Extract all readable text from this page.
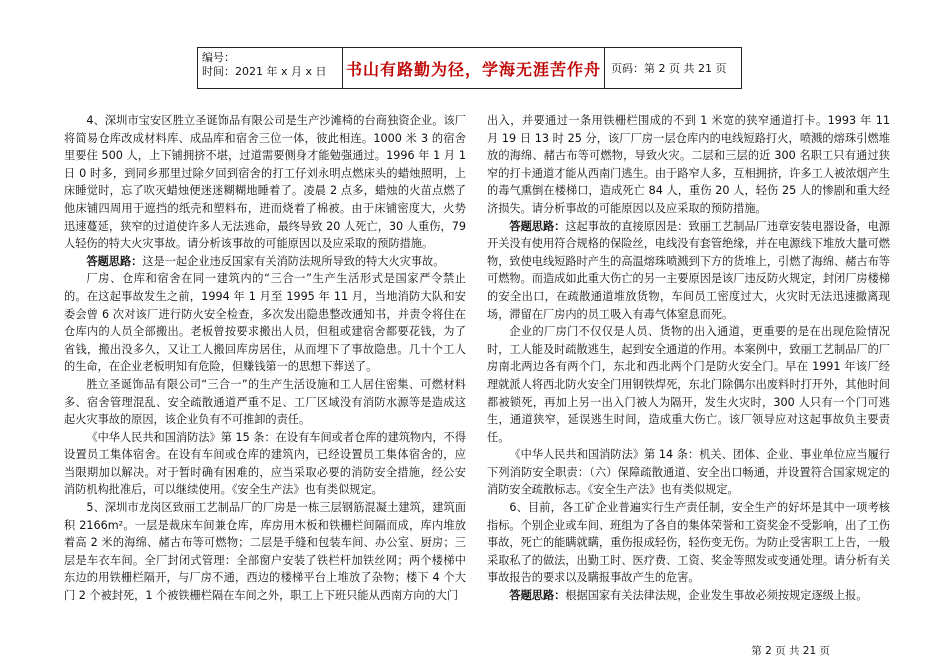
编号：
时间：2021 年 x 月 x 日	书山有路勤为径，学海无涯苦作舟 页码：第 2 页 共 21 页

4、深圳市宝安区胜立圣诞饰品有限公司是生产沙滩椅的台商独资企业。该厂将简易仓库改成材料库、成品库和宿舍三位一体，彼此相连。1000 米 3 的宿舍里要住 500 人，上下铺拥挤不堪，过道需要侧身才能勉强通过。1996 年 1 月 1 日 0 时多，到同乡那里过除夕回到宿舍的打工仔刘永明点燃床头的蜡烛照明，上床睡觉时，忘了吹灭蜡烛便迷迷糊糊地睡着了。凌晨 2 点多，蜡烛的火苗点燃了他床铺四周用于遮挡的纸壳和塑料布，进而烧着了棉被。由于床铺密度大，火势迅速蔓延，狭窄的过道使许多人无法逃命，最终导致 20 人死亡，30 人重伤，79 人轻伤的特大火灾事故。请分析该事故的可能原因以及应采取的预防措施。

答题思路：这是一起企业违反国家有关消防法规所导致的特大火灾事故。

厂房、仓库和宿舍在同一建筑内的“三合一”生产生活形式是国家严令禁止的。在这起事故发生之前，1994 年 1 月至 1995 年 11 月，当地消防大队和安委会曾 6 次对该厂进行防火安全检查，多次发出隐患整改通知书，并责令将住在仓库内的人员全部搬出。老板曾按要求搬出人员，但租或建宿舍都要花钱，为了省钱，搬出没多久，又让工人搬回库房居住，从而埋下了事故隐患。几十个工人的生命，在企业老板明知有危险，但赚钱第一的思想下葬送了。

胜立圣诞饰品有限公司“三合一”的生产生活设施和工人居住密集、可燃材料多、宿舍管理混乱、安全疏散通道严重不足、工厂区域没有消防水源等是造成这起火灾事故的原因，该企业负有不可推卸的责任。

《中华人民共和国消防法》第 15 条：在设有车间或者仓库的建筑物内，不得设置员工集体宿舍。在设有车间或仓库的建筑内，已经设置员工集体宿舍的，应当限期加以解决。对于暂时确有困难的，应当采取必要的消防安全措施，经公安消防机构批准后，可以继续使用。《安全生产法》也有类似规定。

5、深圳市龙岗区致丽工艺制品厂的厂房是一栋三层钢筋混凝土建筑，建筑面积 2166m²。一层是裁床车间兼仓库，库房用木板和铁栅栏间隔而成，库内堆放着高 2 米的海绵、赭古布等可燃物；二层是手缝和包装车间、办公室、厨房；三层是车衣车间。全厂封闭式管理：全部窗户安装了铁栏杆加铁丝网；两个楼梯中东边的用铁栅栏隔开，与厂房不通，西边的楼梯平台上堆放了杂物；楼下 4 个大门 2 个被封死，1 个被铁栅栏隔在车间之外，职工上下班只能从西南方向的大门

出入，并要通过一条用铁栅栏围成的不到 1 米宽的狭窄通道打卡。1993 年 11 月 19 日 13 时 25 分，该厂厂房一层仓库内的电线短路打火，喷溅的熔珠引燃堆放的海绵、赭古布等可燃物，导致火灾。二层和三层的近 300 名职工只有通过狭窄的打卡通道才能从西南门逃生。由于路窄人多，互相拥挤，许多工人被浓烟产生的毒气熏倒在楼梯口，造成死亡 84 人，重伤 20 人，轻伤 25 人的惨剧和重大经济损失。请分析事故的可能原因以及应采取的预防措施。

答题思路：这起事故的直接原因是：致丽工艺制品厂违章安装电器设备，电源开关没有使用符合规格的保险丝，电线没有套管绝缘，并在电源线下堆放大量可燃物，致使电线短路时产生的高温熔珠喷溅到下方的货堆上，引燃了海绵、赭古布等可燃物。而造成如此重大伤亡的另一主要原因是该厂违反防火规定，封闭厂房楼梯的安全出口，在疏散通道堆放货物，车间员工密度过大，火灾时无法迅速撤离现场，滞留在厂房内的员工吸入有毒气体窒息而死。

企业的厂房门不仅仅是人员、货物的出入通道，更重要的是在出现危险情况时，工人能及时疏散逃生，起到安全通道的作用。本案例中，致丽工艺制品厂的厂房南北两边各有两个门，东北和西北两个门是防火安全门。早在 1991 年该厂经理就派人将西北防火安全门用钢铁焊死，东北门除偶尔出废料时打开外，其他时间都被锁死，再加上另一出入门被人为隔开，发生火灾时，300 人只有一个门可逃生，通道狭窄，延误逃生时间，造成重大伤亡。该厂领导应对这起事故负主要责任。

《中华人民共和国消防法》第 14 条：机关、团体、企业、事业单位应当履行下列消防安全职责：（六）保障疏散通道、安全出口畅通，并设置符合国家规定的消防安全疏散标志。《安全生产法》也有类似规定。

6、目前，各工矿企业普遍实行生产责任制，安全生产的好坏是其中一项考核指标。个别企业或车间、班组为了各自的集体荣誉和工资奖金不受影响，出了工伤事故，死亡的能瞒就瞒，重伤报成轻伤，轻伤变无伤。为防止受害职工上告，一般采取私了的做法，出勤工时、医疗费、工资、奖金等照发或变通处理。请分析有关事故报告的要求以及瞒报事故产生的危害。

答题思路：根据国家有关法律法规，企业发生事故必须按规定逐级上报。

第 2 页 共 21 页
